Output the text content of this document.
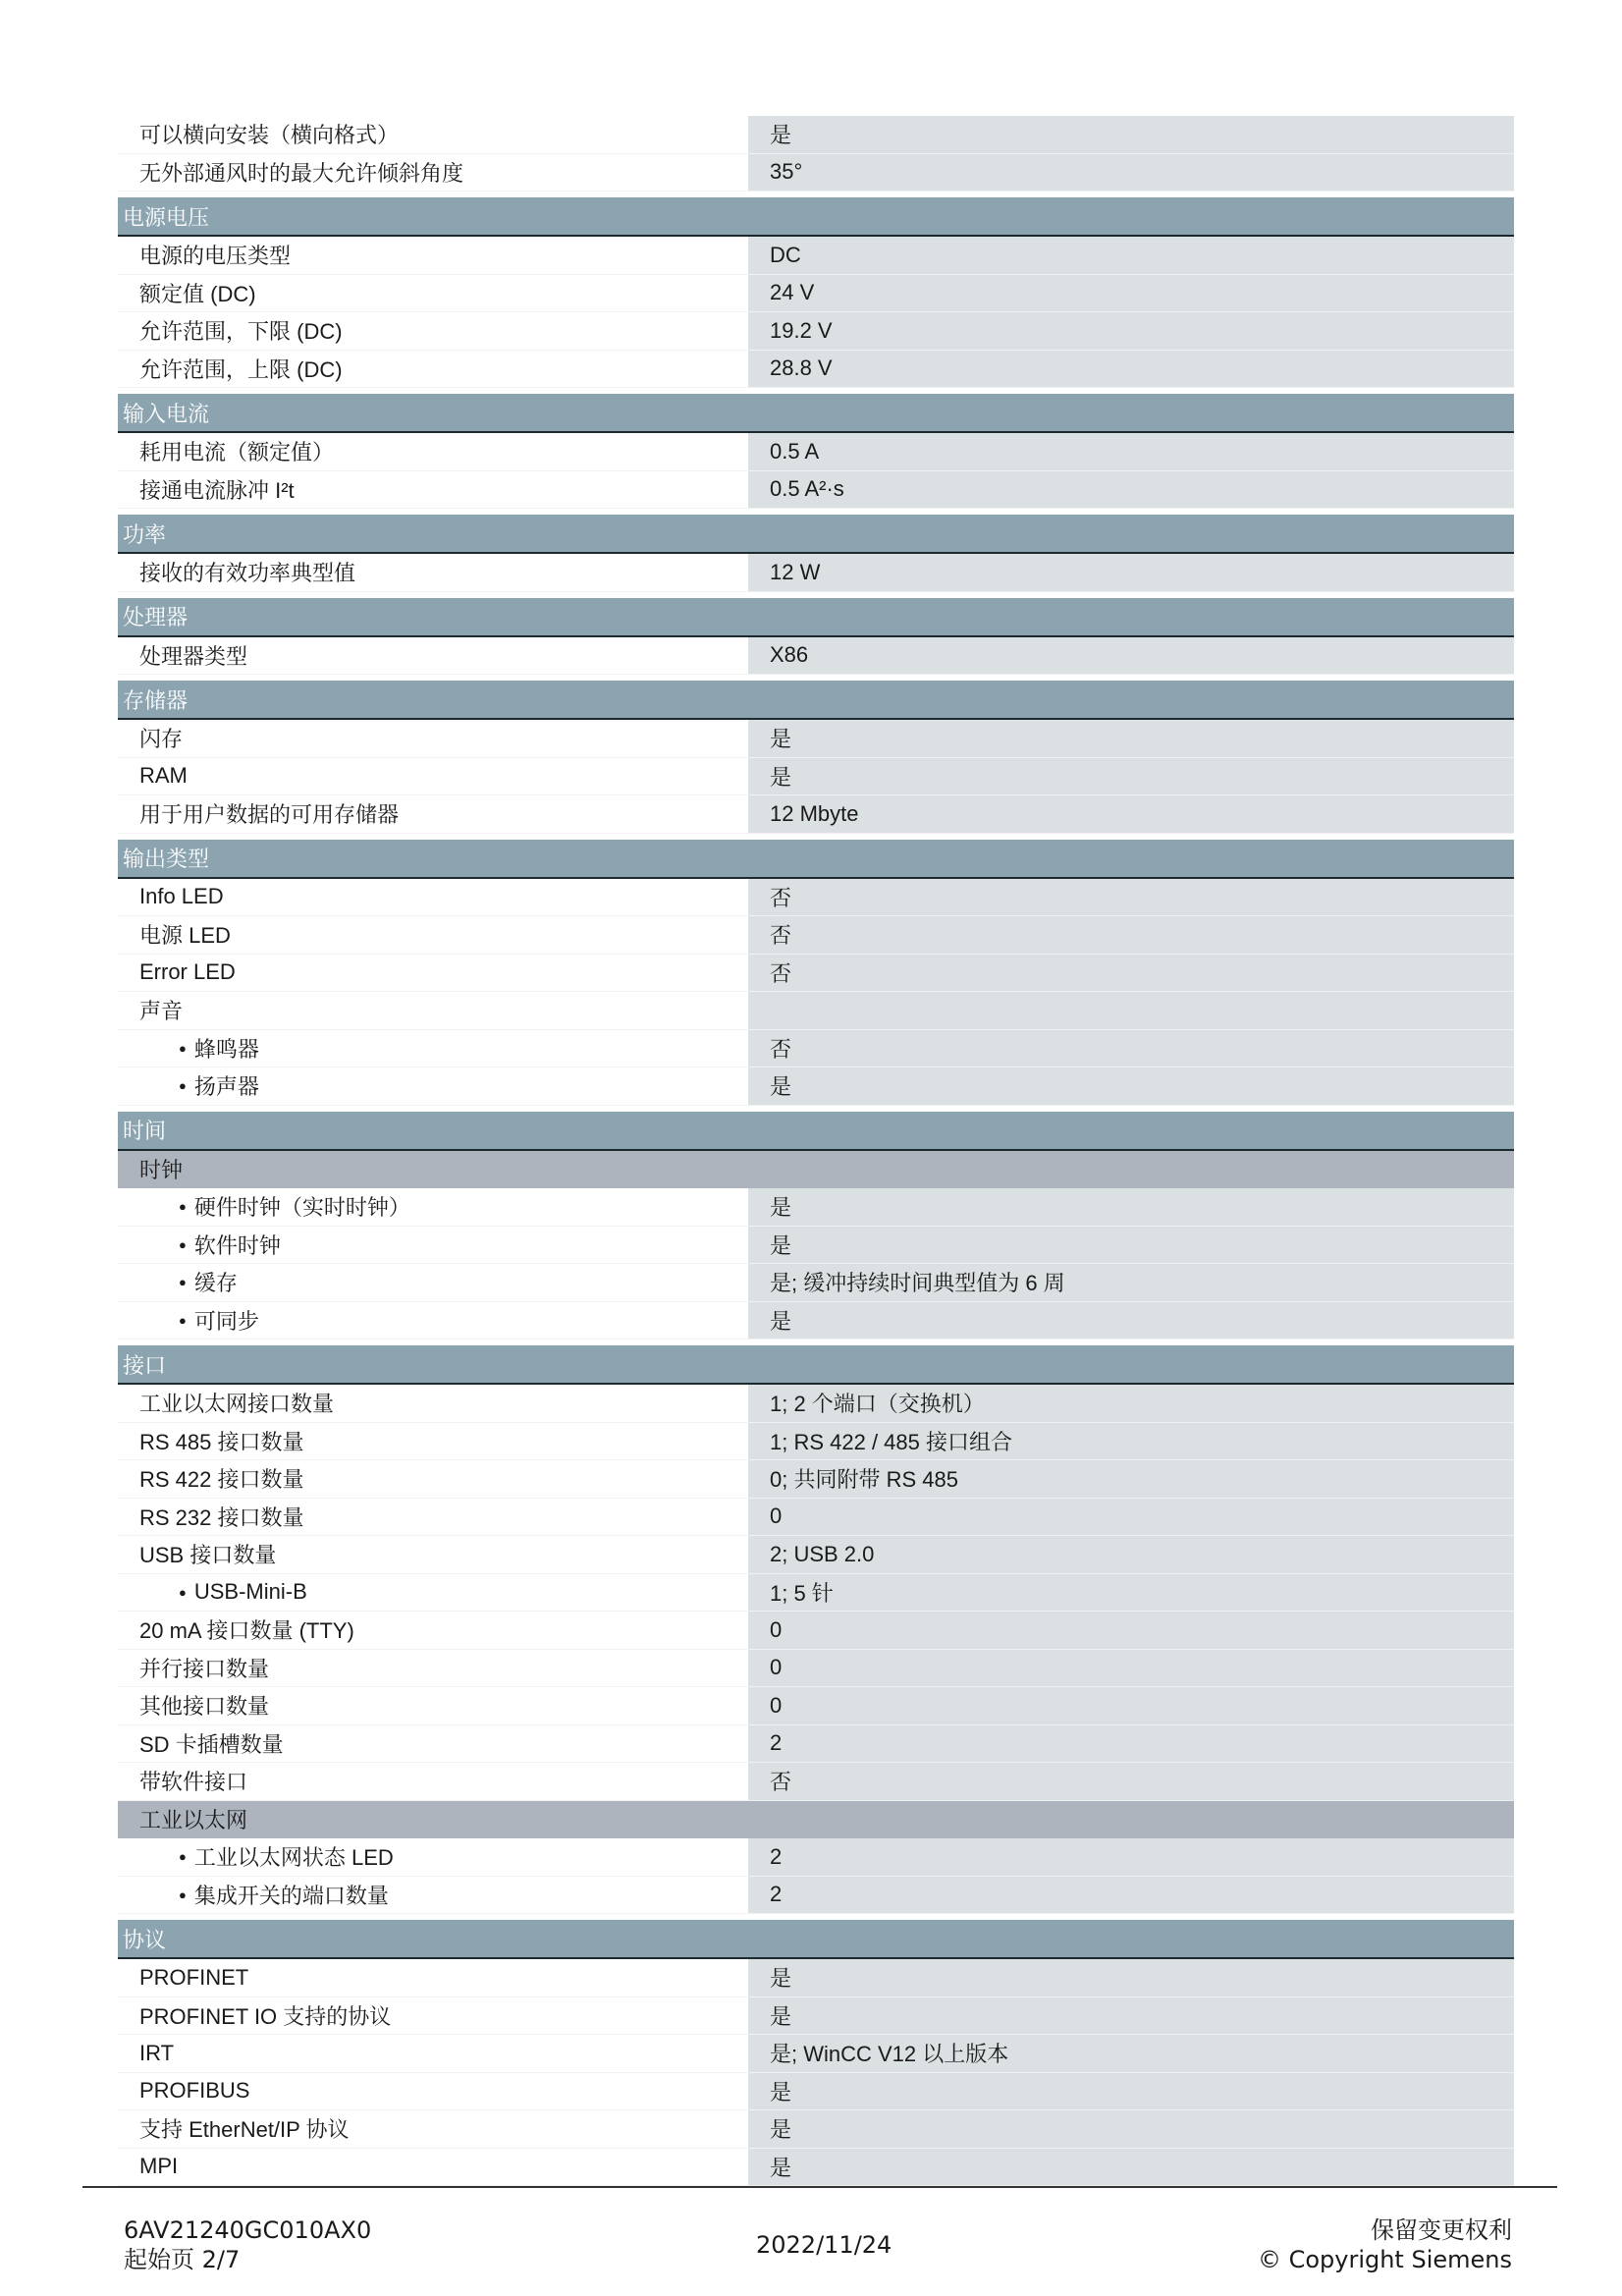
可以横向安装（横向格式）	是
无外部通风时的最大允许倾斜角度	35°
电源电压
电源的电压类型	DC
额定值 (DC)	24 V
允许范围，下限 (DC)	19.2 V
允许范围，上限 (DC)	28.8 V
输入电流
耗用电流（额定值）	0.5 A
接通电流脉冲 I²t	0.5 A²·s
功率
接收的有效功率典型值	12 W
处理器
处理器类型	X86
存储器
闪存	是
RAM	是
用于用户数据的可用存储器	12 Mbyte
输出类型
Info LED	否
电源 LED	否
Error LED	否
声音
● 蜂鸣器	否
● 扬声器	是
时间
时钟
● 硬件时钟（实时时钟）	是
● 软件时钟	是
● 缓存	是; 缓冲持续时间典型值为 6 周
● 可同步	是
接口
工业以太网接口数量	1; 2 个端口（交换机）
RS 485 接口数量	1; RS 422 / 485 接口组合
RS 422 接口数量	0; 共同附带 RS 485
RS 232 接口数量	0
USB 接口数量	2; USB 2.0
● USB-Mini-B	1; 5 针
20 mA 接口数量 (TTY)	0
并行接口数量	0
其他接口数量	0
SD 卡插槽数量	2
带软件接口	否
工业以太网
● 工业以太网状态 LED	2
● 集成开关的端口数量	2
协议
PROFINET	是
PROFINET IO 支持的协议	是
IRT	是; WinCC V12 以上版本
PROFIBUS	是
支持 EtherNet/IP 协议	是
MPI	是
6AV21240GC010AX0
起始页 2/7
2022/11/24
保留变更权利
© Copyright Siemens
